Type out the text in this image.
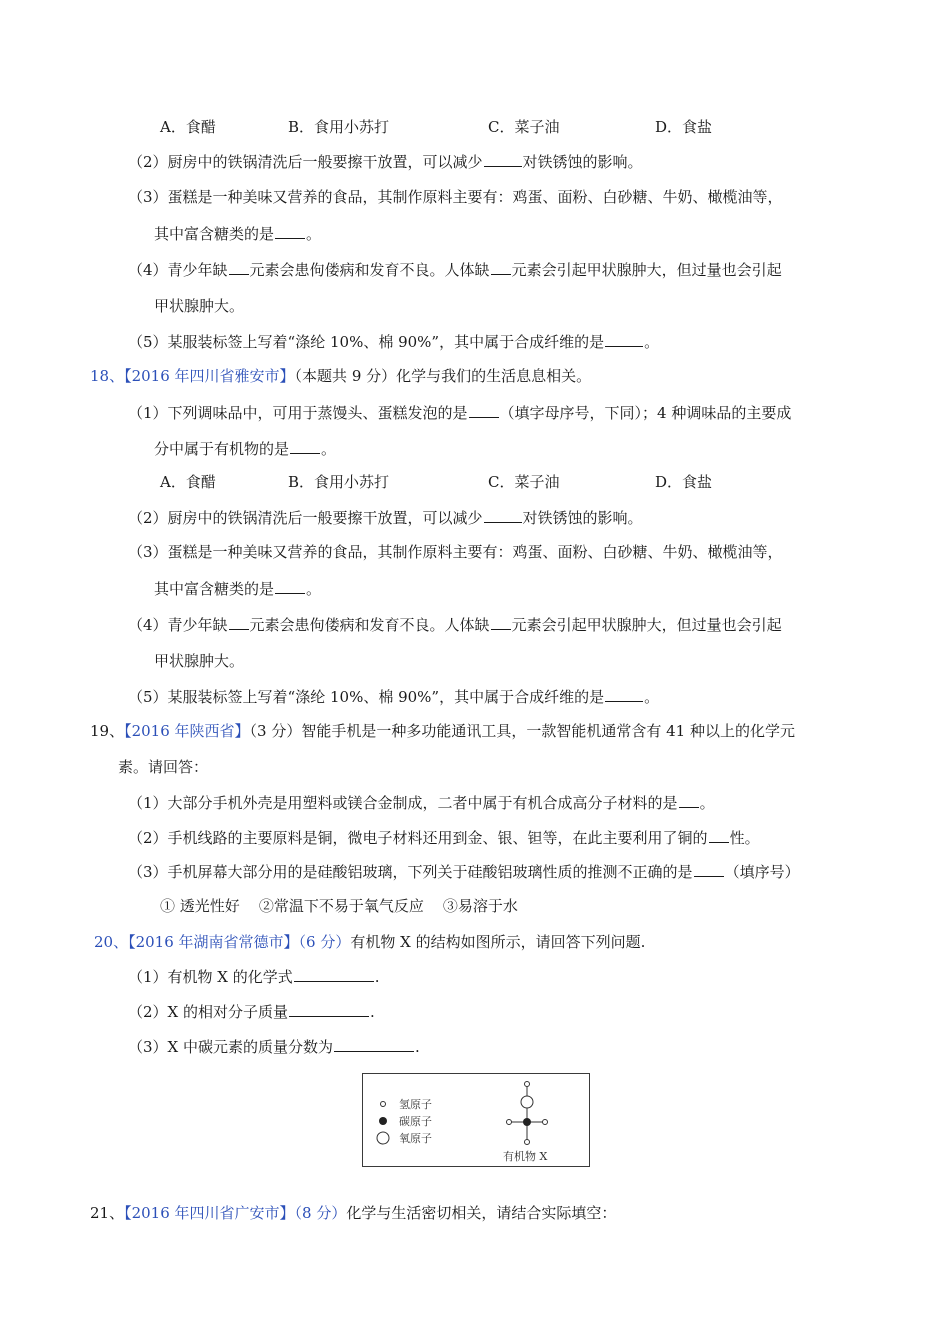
A．食醋	B．食用小苏打	C．菜子油	D．食盐
（2）厨房中的铁锅清洗后一般要擦干放置，可以减少	对铁锈蚀的影响。
（3）蛋糕是一种美味又营养的食品，其制作原料主要有：鸡蛋、面粉、白砂糖、牛奶、橄榄油等，
其中富含糖类的是 。
（4）青少年缺 元素会患佝偻病和发育不良。人体缺 元素会引起甲状腺肿大，但过量也会引起
甲状腺肿大。
（5）某服装标签上写着“涤纶 10%、棉 90%”，其中属于合成纤维的是	。
18、【2016 年四川省雅安市】（本题共 9 分）化学与我们的生活息息相关。
（1）下列调味品中，可用于蒸馒头、蛋糕发泡的是 （填字母序号，下同）；4 种调味品的主要成
分中属于有机物的是 。
A．食醋	B．食用小苏打	C．菜子油	D．食盐
（2）厨房中的铁锅清洗后一般要擦干放置，可以减少	对铁锈蚀的影响。
（3）蛋糕是一种美味又营养的食品，其制作原料主要有：鸡蛋、面粉、白砂糖、牛奶、橄榄油等，
其中富含糖类的是 。
（4）青少年缺 元素会患佝偻病和发育不良。人体缺 元素会引起甲状腺肿大，但过量也会引起
甲状腺肿大。
（5）某服装标签上写着“涤纶 10%、棉 90%”，其中属于合成纤维的是	。
19、【2016 年陕西省】（3 分）智能手机是一种多功能通讯工具，一款智能机通常含有 41 种以上的化学元
素。请回答：
（1）大部分手机外壳是用塑料或镁合金制成，二者中属于有机合成高分子材料的是 。
（2）手机线路的主要原料是铜，微电子材料还用到金、银、钽等，在此主要利用了铜的 性。
（3）手机屏幕大部分用的是硅酸铝玻璃，下列关于硅酸铝玻璃性质的推测不正确的是 （填序号）
① 透光性好    ②常温下不易于氧气反应    ③易溶于水
20、【2016 年湖南省常德市】（6 分）有机物 X 的结构如图所示，请回答下列问题.
（1）有机物 X 的化学式	.
（2）X 的相对分子质量	.
（3）X 中碳元素的质量分数为	.
氢原子
碳原子
氧原子
有机物 X
21、【2016 年四川省广安市】（8 分）化学与生活密切相关，请结合实际填空：
